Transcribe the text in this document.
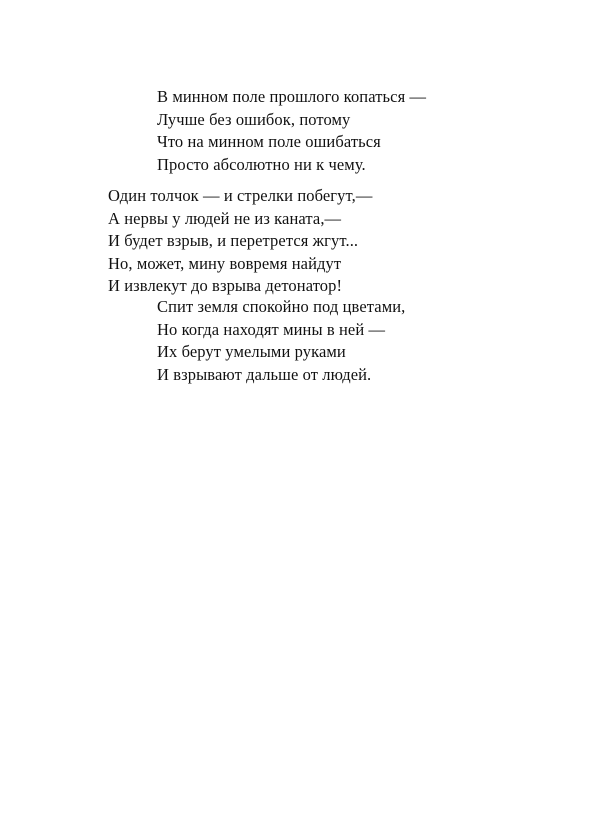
В минном поле прошлого копаться —
Лучше без ошибок, потому
Что на минном поле ошибаться
Просто абсолютно ни к чему.
Один толчок — и стрелки побегут,—
А нервы у людей не из каната,—
И будет взрыв, и перетрется жгут...
Но, может, мину вовремя найдут
И извлекут до взрыва детонатор!
Спит земля спокойно под цветами,
Но когда находят мины в ней —
Их берут умелыми руками
И взрывают дальше от людей.
